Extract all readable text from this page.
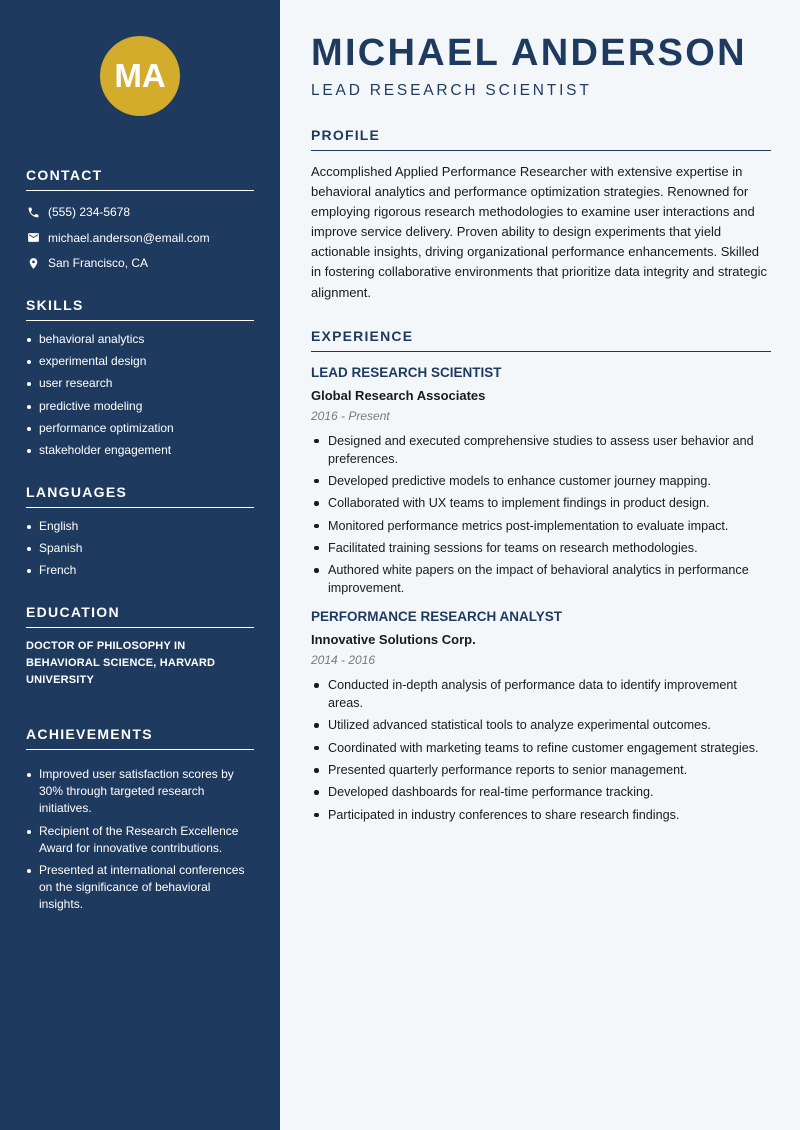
MA
CONTACT
(555) 234-5678
michael.anderson@email.com
San Francisco, CA
SKILLS
behavioral analytics
experimental design
user research
predictive modeling
performance optimization
stakeholder engagement
LANGUAGES
English
Spanish
French
EDUCATION
DOCTOR OF PHILOSOPHY IN BEHAVIORAL SCIENCE, HARVARD UNIVERSITY
ACHIEVEMENTS
Improved user satisfaction scores by 30% through targeted research initiatives.
Recipient of the Research Excellence Award for innovative contributions.
Presented at international conferences on the significance of behavioral insights.
MICHAEL ANDERSON
LEAD RESEARCH SCIENTIST
PROFILE

Accomplished Applied Performance Researcher with extensive expertise in behavioral analytics and performance optimization strategies. Renowned for employing rigorous research methodologies to examine user interactions and improve service delivery. Proven ability to design experiments that yield actionable insights, driving organizational performance enhancements. Skilled in fostering collaborative environments that prioritize data integrity and strategic alignment.

EXPERIENCE
LEAD RESEARCH SCIENTIST
Global Research Associates
2016 - Present
Designed and executed comprehensive studies to assess user behavior and preferences.
Developed predictive models to enhance customer journey mapping.
Collaborated with UX teams to implement findings in product design.
Monitored performance metrics post-implementation to evaluate impact.
Facilitated training sessions for teams on research methodologies.
Authored white papers on the impact of behavioral analytics in performance improvement.
PERFORMANCE RESEARCH ANALYST
Innovative Solutions Corp.
2014 - 2016
Conducted in-depth analysis of performance data to identify improvement areas.
Utilized advanced statistical tools to analyze experimental outcomes.
Coordinated with marketing teams to refine customer engagement strategies.
Presented quarterly performance reports to senior management.
Developed dashboards for real-time performance tracking.
Participated in industry conferences to share research findings.
